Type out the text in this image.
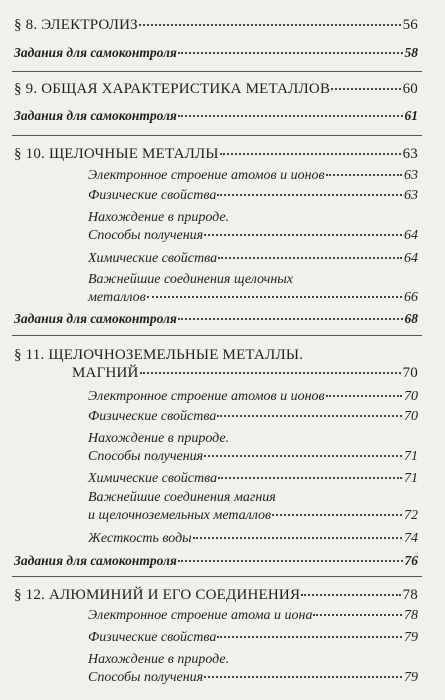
§ 8. ЭЛЕКТРОЛИЗ	56
Задания для самоконтроля	58
§ 9. ОБЩАЯ ХАРАКТЕРИСТИКА МЕТАЛЛОВ	60
Задания для самоконтроля	61
§ 10. ЩЕЛОЧНЫЕ МЕТАЛЛЫ	63
Электронное строение атомов и ионов	63
Физические свойства	63
Нахождение в природе.
Способы получения	64
Химические свойства	64
Важнейшие соединения щелочных
металлов	66
Задания для самоконтроля	68
§ 11. ЩЕЛОЧНОЗЕМЕЛЬНЫЕ МЕТАЛЛЫ.
МАГНИЙ	70
Электронное строение атомов и ионов	70
Физические свойства	70
Нахождение в природе.
Способы получения	71
Химические свойства	71
Важнейшие соединения магния
и щелочноземельных металлов	72
Жесткость воды	74
Задания для самоконтроля	76
§ 12. АЛЮМИНИЙ И ЕГО СОЕДИНЕНИЯ	78
Электронное строение атома и иона	78
Физические свойства	79
Нахождение в природе.
Способы получения	79
